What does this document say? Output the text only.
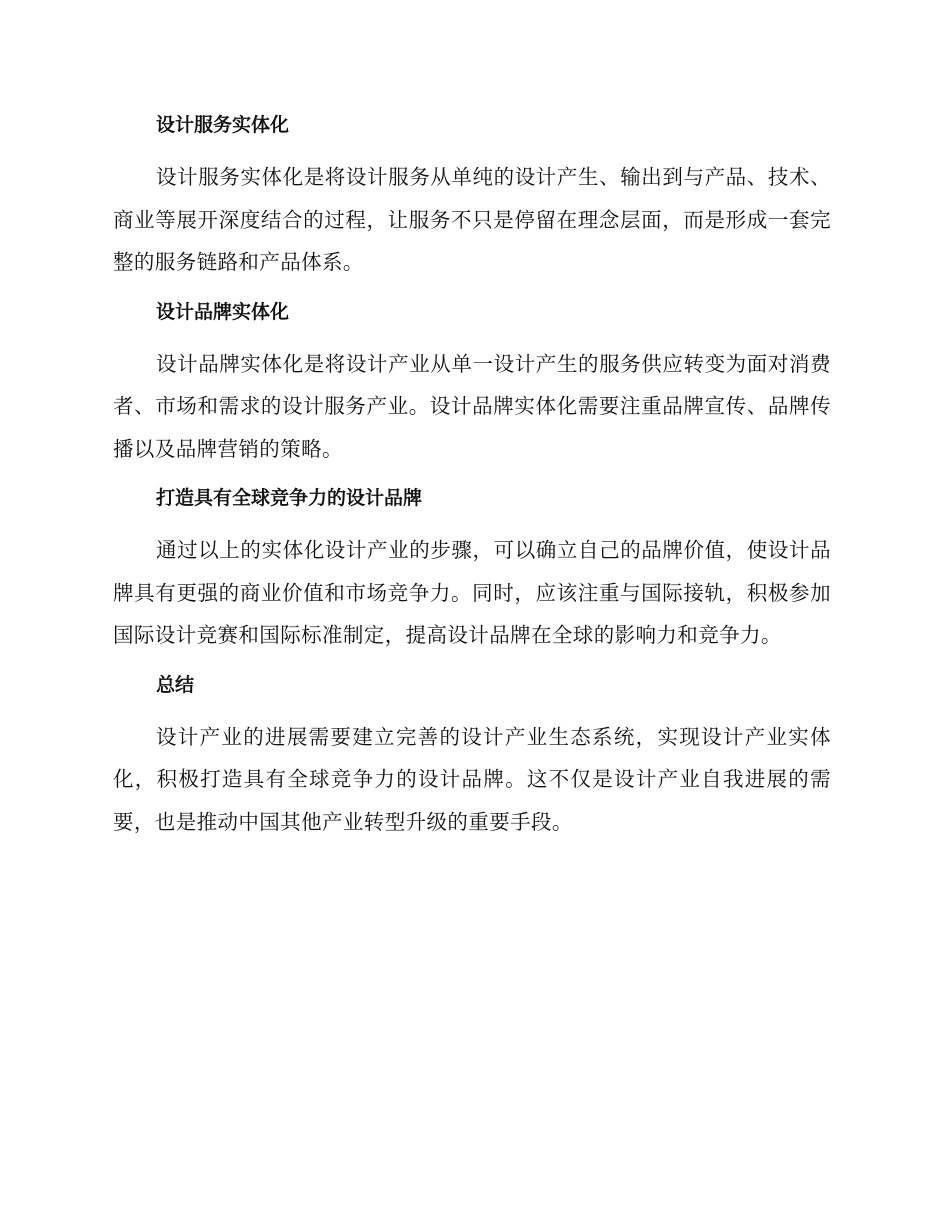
设计服务实体化

设计服务实体化是将设计服务从单纯的设计产生、输出到与产品、技术、商业等展开深度结合的过程，让服务不只是停留在理念层面，而是形成一套完整的服务链路和产品体系。

设计品牌实体化

设计品牌实体化是将设计产业从单一设计产生的服务供应转变为面对消费者、市场和需求的设计服务产业。设计品牌实体化需要注重品牌宣传、品牌传播以及品牌营销的策略。

打造具有全球竞争力的设计品牌

通过以上的实体化设计产业的步骤，可以确立自己的品牌价值，使设计品牌具有更强的商业价值和市场竞争力。同时，应该注重与国际接轨，积极参加国际设计竞赛和国际标准制定，提高设计品牌在全球的影响力和竞争力。

总结

设计产业的进展需要建立完善的设计产业生态系统，实现设计产业实体化，积极打造具有全球竞争力的设计品牌。这不仅是设计产业自我进展的需要，也是推动中国其他产业转型升级的重要手段。
